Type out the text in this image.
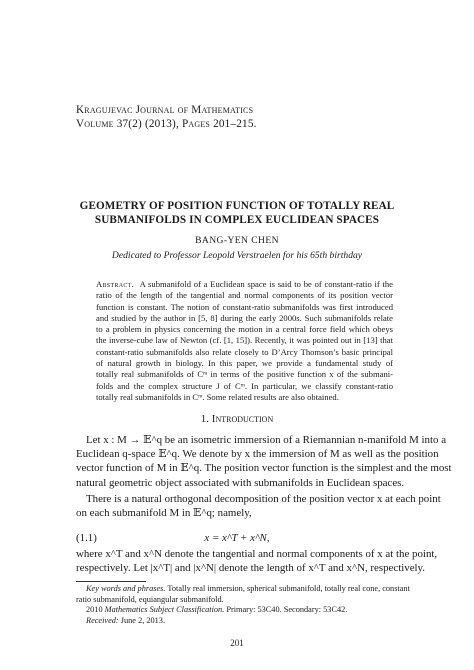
Kragujevac Journal of Mathematics
Volume 37(2) (2013), Pages 201–215.
GEOMETRY OF POSITION FUNCTION OF TOTALLY REAL
SUBMANIFOLDS IN COMPLEX EUCLIDEAN SPACES
BANG-YEN CHEN
Dedicated to Professor Leopold Verstraelen for his 65th birthday
Abstract. A submanifold of a Euclidean space is said to be of constant-ratio if the
ratio of the length of the tangential and normal components of its position vector
function is constant. The notion of constant-ratio submanifolds was first introduced
and studied by the author in [5, 8] during the early 2000s. Such submanifolds relate
to a problem in physics concerning the motion in a central force field which obeys
the inverse-cube law of Newton (cf. [1, 15]). Recently, it was pointed out in [13] that
constant-ratio submanifolds also relate closely to D’Arcy Thomson’s basic principal
of natural growth in biology. In this paper, we provide a fundamental study of
totally real submanifolds of Cᵐ in terms of the positive function x of the submani-
folds and the complex structure J of Cᵐ. In particular, we classify constant-ratio
totally real submanifolds in Cᵐ. Some related results are also obtained.
1. Introduction
Let x : M → 𝔼^q be an isometric immersion of a Riemannian n-manifold M into a
Euclidean q-space 𝔼^q. We denote by x the immersion of M as well as the position
vector function of M in 𝔼^q. The position vector function is the simplest and the most
natural geometric object associated with submanifolds in Euclidean spaces.
There is a natural orthogonal decomposition of the position vector x at each point
on each submanifold M in 𝔼^q; namely,
(1.1)	x = x^T + x^N,
where x^T and x^N denote the tangential and normal components of x at the point,
respectively. Let |x^T| and |x^N| denote the length of x^T and x^N, respectively.
Key words and phrases. Totally real immersion, spherical submanifold, totally real cone, constant
ratio submanifold, equiangular submanifold.
2010 Mathematics Subject Classification. Primary: 53C40. Secondary: 53C42.
Received: June 2, 2013.
201
